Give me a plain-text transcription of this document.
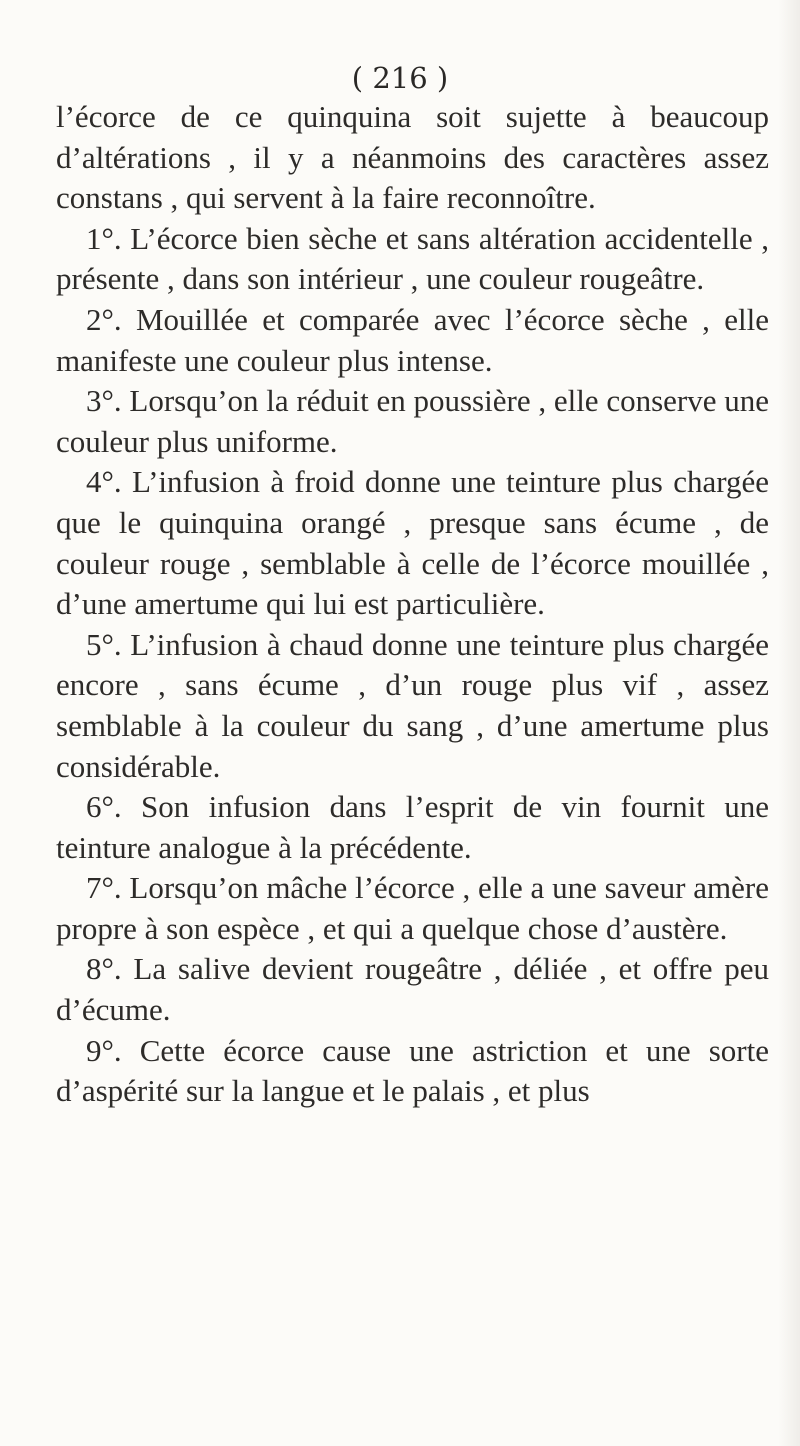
( 216 )

l’écorce de ce quinquina soit sujette à beaucoup d’altérations , il y a néanmoins des caractères assez constans , qui servent à la faire reconnoître.

1°. L’écorce bien sèche et sans altération accidentelle , présente , dans son intérieur , une couleur rougeâtre.

2°. Mouillée et comparée avec l’écorce sèche , elle manifeste une couleur plus intense.

3°. Lorsqu’on la réduit en poussière , elle conserve une couleur plus uniforme.

4°. L’infusion à froid donne une teinture plus chargée que le quinquina orangé , presque sans écume , de couleur rouge , semblable à celle de l’écorce mouillée , d’une amertume qui lui est particulière.

5°. L’infusion à chaud donne une teinture plus chargée encore , sans écume , d’un rouge plus vif , assez semblable à la couleur du sang , d’une amertume plus considérable.

6°. Son infusion dans l’esprit de vin fournit une teinture analogue à la précédente.

7°. Lorsqu’on mâche l’écorce , elle a une saveur amère propre à son espèce , et qui a quelque chose d’austère.

8°. La salive devient rougeâtre , déliée , et offre peu d’écume.

9°. Cette écorce cause une astriction et une sorte d’aspérité sur la langue et le palais , et plus
